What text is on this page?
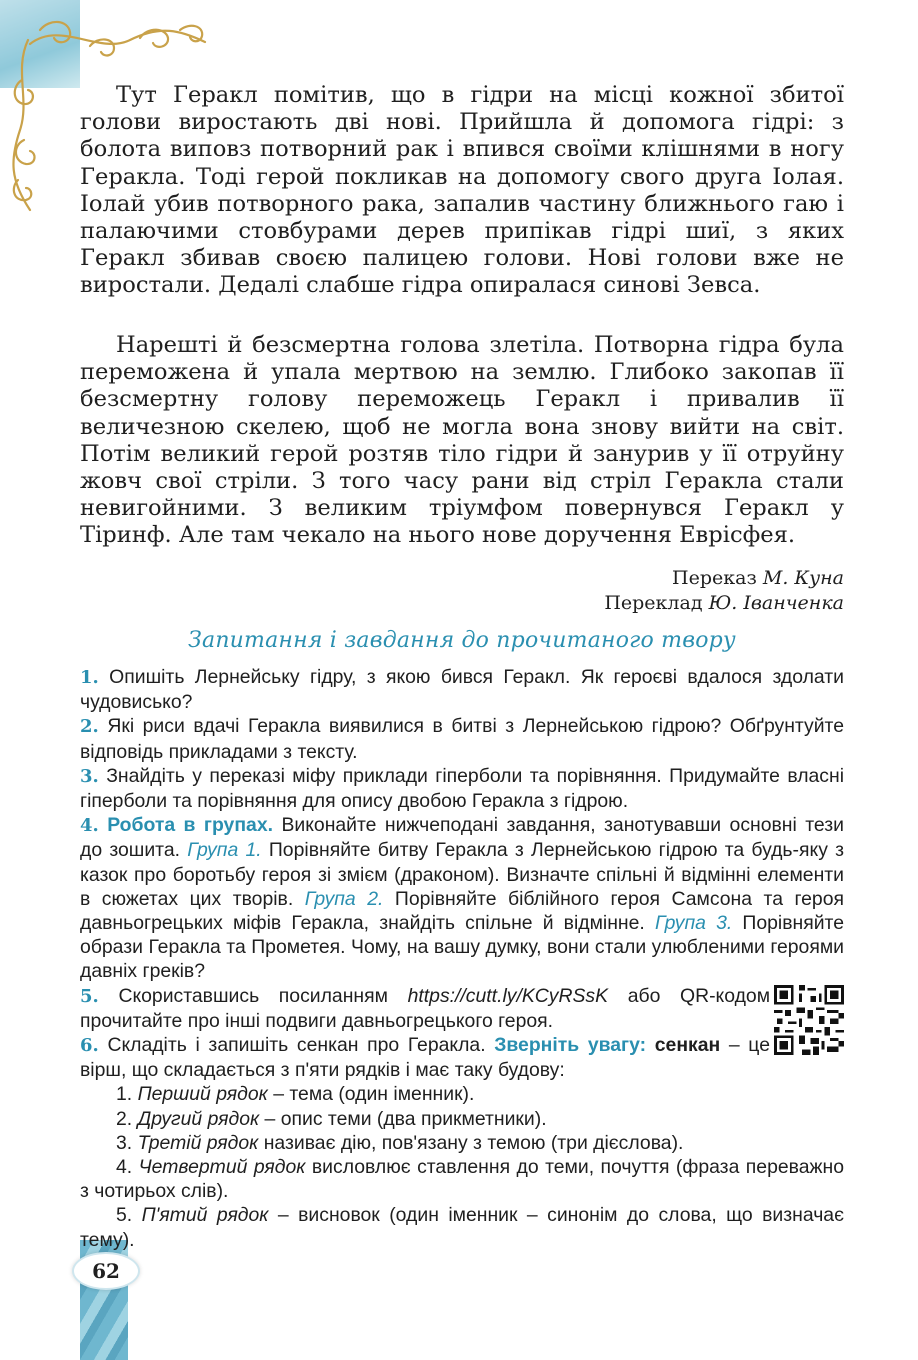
Тут Геракл помітив, що в гідри на місці кожної збитої голови виростають дві нові. Прийшла й допомога гідрі: з болота виповз потворний рак і впився своїми клішнями в ногу Геракла. Тоді герой покликав на допомогу свого друга Іолая. Іолай убив потворного рака, запалив частину ближнього гаю і палаючими стовбурами дерев припікав гідрі шиї, з яких Геракл збивав своєю палицею голови. Нові голови вже не виростали. Дедалі слабше гідра опиралася синові Зевса.

Нарешті й безсмертна голова злетіла. Потворна гідра була переможена й упала мертвою на землю. Глибоко закопав її безсмертну голову переможець Геракл і привалив її величезною скелею, щоб не могла вона знову вийти на світ. Потім великий герой розтяв тіло гідри й занурив у її отруйну жовч свої стріли. З того часу рани від стріл Геракла стали невигойними. З великим тріумфом повернувся Геракл у Тіринф. Але там чекало на нього нове доручення Еврісфея.

Переказ М. Куна
Переклад Ю. Іванченка
Запитання і завдання до прочитаного твору

1. Опишіть Лернейську гідру, з якою бився Геракл. Як героєві вдалося здолати чудовисько?

2. Які риси вдачі Геракла виявилися в битві з Лернейською гідрою? Обґрунтуйте відповідь прикладами з тексту.

3. Знайдіть у переказі міфу приклади гіперболи та порівняння. Придумайте власні гіперболи та порівняння для опису двобою Геракла з гідрою.

4. Робота в групах. Виконайте нижчеподані завдання, занотувавши основні тези до зошита. Група 1. Порівняйте битву Геракла з Лернейською гідрою та будь-яку з казок про боротьбу героя зі змієм (драконом). Визначте спільні й відмінні елементи в сюжетах цих творів. Група 2. Порівняйте біблійного героя Самсона та героя давньогрецьких міфів Геракла, знайдіть спільне й відмінне. Група 3. Порівняйте образи Геракла та Прометея. Чому, на вашу думку, вони стали улюбленими героями давніх греків?

5. Скориставшись посиланням https://cutt.ly/KCyRSsK або QR-кодом прочитайте про інші подвиги давньогрецького героя.

6. Складіть і запишіть сенкан про Геракла. Зверніть увагу: сенкан – це вірш, що складається з п'яти рядків і має таку будову:

1. Перший рядок – тема (один іменник).

2. Другий рядок – опис теми (два прикметники).

3. Третій рядок називає дію, пов'язану з темою (три дієслова).

4. Четвертий рядок висловлює ставлення до теми, почуття (фраза переважно з чотирьох слів).

5. П'ятий рядок – висновок (один іменник – синонім до слова, що визначає тему).

62
